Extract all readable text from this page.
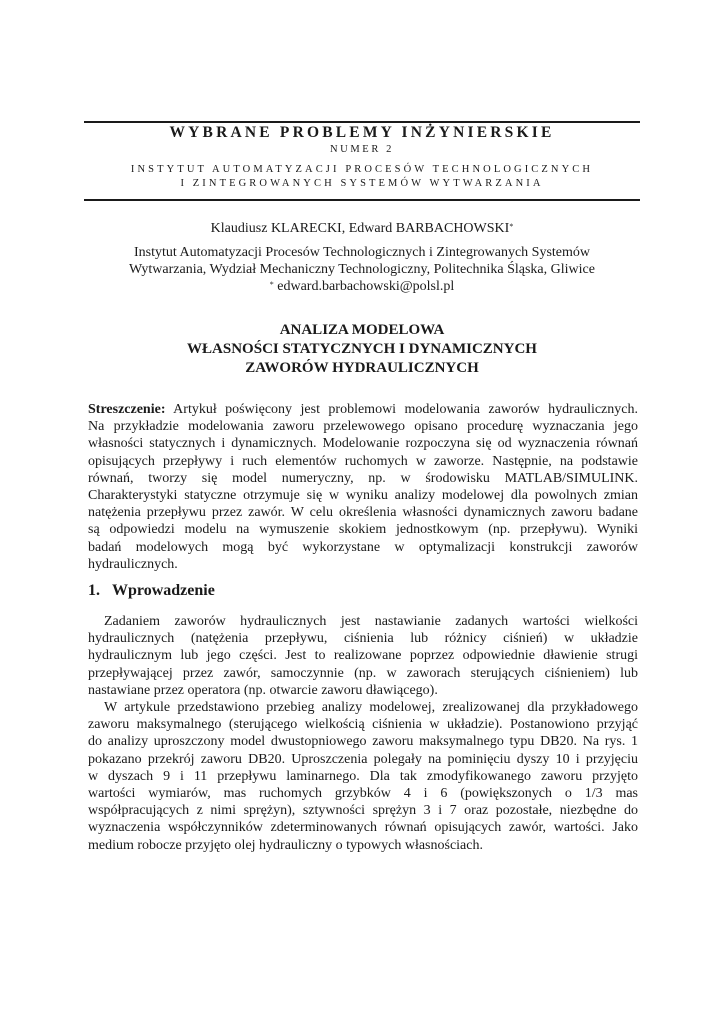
WYBRANE PROBLEMY INŻYNIERSKIE
NUMER 2
INSTYTUT AUTOMATYZACJI PROCESÓW TECHNOLOGICZNYCH
I ZINTEGROWANYCH SYSTEMÓW WYTWARZANIA
Klaudiusz KLARECKI, Edward BARBACHOWSKI*
Instytut Automatyzacji Procesów Technologicznych i Zintegrowanych Systemów
Wytwarzania, Wydział Mechaniczny Technologiczny, Politechnika Śląska, Gliwice
* edward.barbachowski@polsl.pl
ANALIZA MODELOWA
WŁASNOŚCI STATYCZNYCH I DYNAMICZNYCH
ZAWORÓW HYDRAULICZNYCH
Streszczenie: Artykuł poświęcony jest problemowi modelowania zaworów hydraulicznych.
Na przykładzie modelowania zaworu przelewowego opisano procedurę wyznaczania jego
własności statycznych i dynamicznych. Modelowanie rozpoczyna się od wyznaczenia równań
opisujących przepływy i ruch elementów ruchomych w zaworze. Następnie, na podstawie
równań, tworzy się model numeryczny, np. w środowisku MATLAB/SIMULINK.
Charakterystyki statyczne otrzymuje się w wyniku analizy modelowej dla powolnych zmian
natężenia przepływu przez zawór. W celu określenia własności dynamicznych zaworu badane
są odpowiedzi modelu na wymuszenie skokiem jednostkowym (np. przepływu). Wyniki
badań modelowych mogą być wykorzystane w optymalizacji konstrukcji zaworów
hydraulicznych.
1. Wprowadzenie
Zadaniem zaworów hydraulicznych jest nastawianie zadanych wartości wielkości
hydraulicznych (natężenia przepływu, ciśnienia lub różnicy ciśnień) w układzie
hydraulicznym lub jego części. Jest to realizowane poprzez odpowiednie dławienie strugi
przepływającej przez zawór, samoczynnie (np. w zaworach sterujących ciśnieniem) lub
nastawiane przez operatora (np. otwarcie zaworu dławiącego).
W artykule przedstawiono przebieg analizy modelowej, zrealizowanej dla przykładowego
zaworu maksymalnego (sterującego wielkością ciśnienia w układzie). Postanowiono przyjąć
do analizy uproszczony model dwustopniowego zaworu maksymalnego typu DB20. Na rys. 1
pokazano przekrój zaworu DB20. Uproszczenia polegały na pominięciu dyszy 10 i przyjęciu
w dyszach 9 i 11 przepływu laminarnego. Dla tak zmodyfikowanego zaworu przyjęto
wartości wymiarów, mas ruchomych grzybków 4 i 6 (powiększonych o 1/3 mas
współpracujących z nimi sprężyn), sztywności sprężyn 3 i 7 oraz pozostałe, niezbędne do
wyznaczenia współczynników zdeterminowanych równań opisujących zawór, wartości. Jako
medium robocze przyjęto olej hydrauliczny o typowych własnościach.
